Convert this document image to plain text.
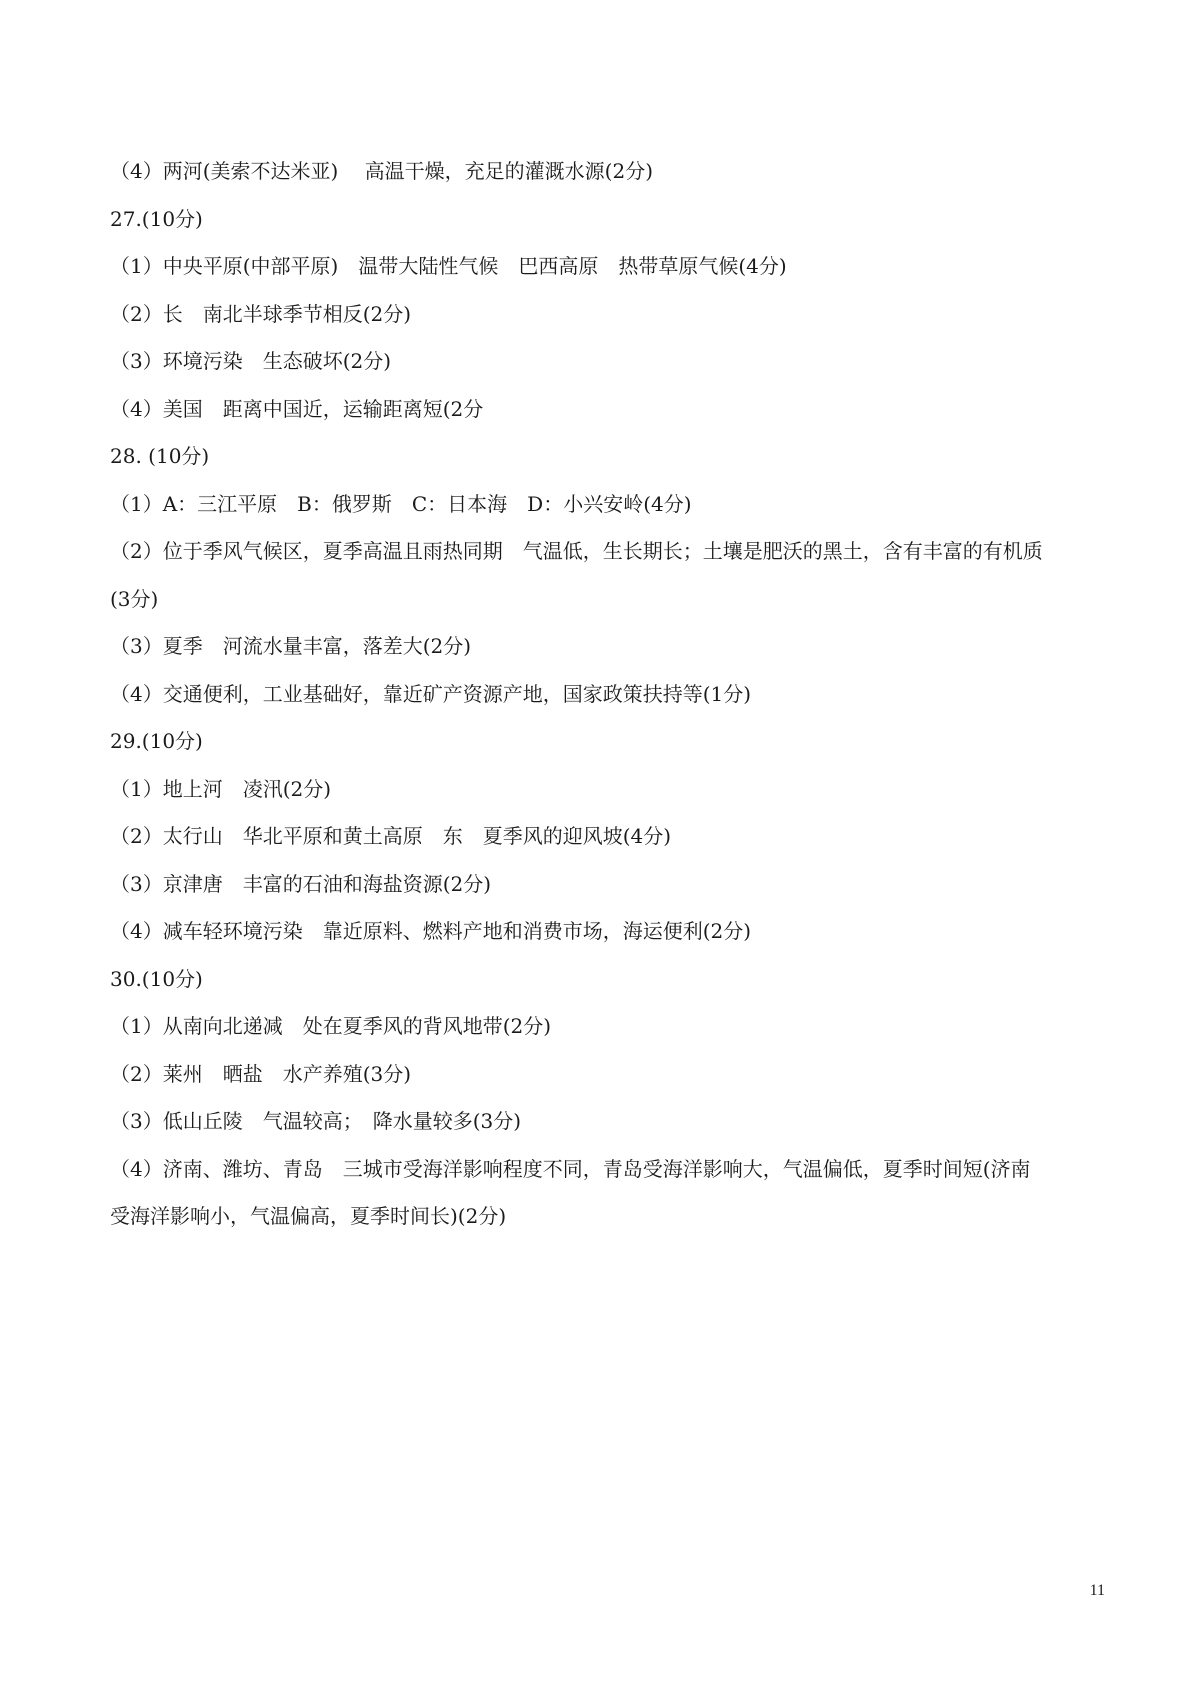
（4）两河(美索不达米亚)　 高温干燥，充足的灌溉水源(2分)
27.(10分)
（1）中央平原(中部平原)　温带大陆性气候　巴西高原　热带草原气候(4分)
（2）长　南北半球季节相反(2分)
（3）环境污染　生态破坏(2分)
（4）美国　距离中国近，运输距离短(2分
28. (10分)
（1）A：三江平原　B：俄罗斯　C：日本海　D：小兴安岭(4分)
（2）位于季风气候区，夏季高温且雨热同期　气温低，生长期长；土壤是肥沃的黑土，含有丰富的有机质
(3分)
（3）夏季　河流水量丰富，落差大(2分)
（4）交通便利，工业基础好，靠近矿产资源产地，国家政策扶持等(1分)
29.(10分)
（1）地上河　凌汛(2分)
（2）太行山　华北平原和黄土高原　东　夏季风的迎风坡(4分)
（3）京津唐　丰富的石油和海盐资源(2分)
（4）减车轻环境污染　靠近原料、燃料产地和消费市场，海运便利(2分)
30.(10分)
（1）从南向北递减　处在夏季风的背风地带(2分)
（2）莱州　晒盐　水产养殖(3分)
（3）低山丘陵　气温较高；　降水量较多(3分)
（4）济南、潍坊、青岛　三城市受海洋影响程度不同，青岛受海洋影响大，气温偏低，夏季时间短(济南
受海洋影响小，气温偏高，夏季时间长)(2分)
11
